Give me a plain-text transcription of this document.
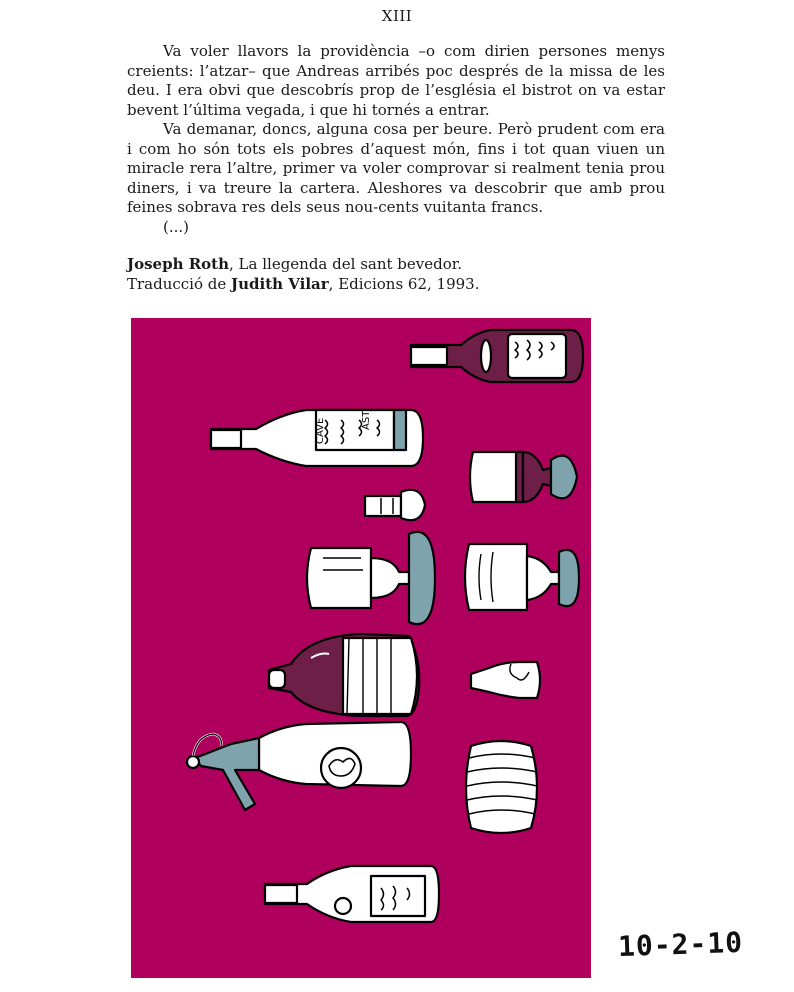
XIII

Va voler llavors la providència –o com dirien persones menys creients: l’atzar– que Andreas arribés poc després de la missa de les deu. I era obvi que descobrís prop de l’església el bistrot on va estar bevent l’última vegada, i que hi tornés a entrar.

Va demanar, doncs, alguna cosa per beure. Però prudent com era i com ho són tots els pobres d’aquest món, fins i tot quan viuen un miracle rera l’altre, primer va voler comprovar si realment tenia prou diners, i va treure la cartera. Aleshores va descobrir que amb prou feines sobrava res dels seus nou-cents vuitanta francs.

(...)

Joseph Roth, La llegenda del sant bevedor.
Traducció de Judith Vilar, Edicions 62, 1993.
CAVE	ASTI
10-2-10
